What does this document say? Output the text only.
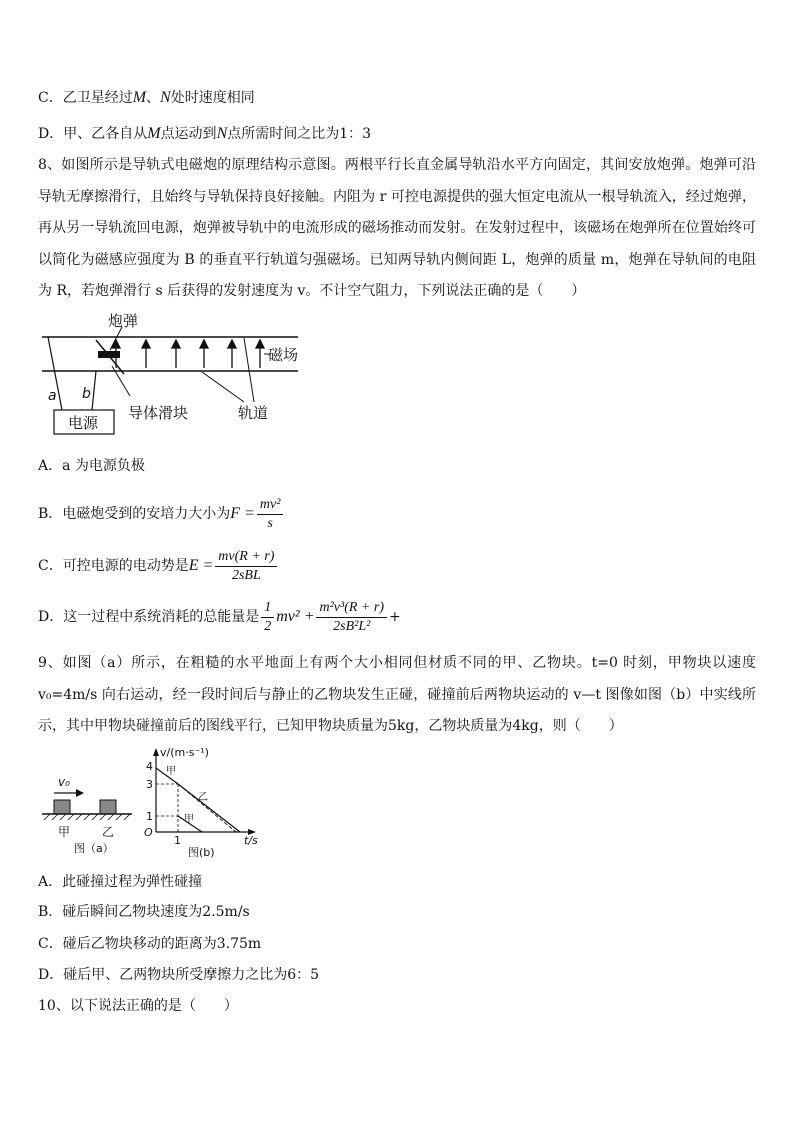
C．乙卫星经过M、N处时速度相同
D．甲、乙各自从M点运动到N点所需时间之比为1：3
8、如图所示是导轨式电磁炮的原理结构示意图。两根平行长直金属导轨沿水平方向固定，其间安放炮弹。炮弹可沿导轨无摩擦滑行，且始终与导轨保持良好接触。内阻为 r 可控电源提供的强大恒定电流从一根导轨流入，经过炮弹，再从另一导轨流回电源，炮弹被导轨中的电流形成的磁场推动而发射。在发射过程中，该磁场在炮弹所在位置始终可以简化为磁感应强度为 B 的垂直平行轨道匀强磁场。已知两导轨内侧间距 L，炮弹的质量 m，炮弹在导轨间的电阻为 R，若炮弹滑行 s 后获得的发射速度为 v。不计空气阻力，下列说法正确的是（　　）
炮弹
导体滑块
磁场
轨道
a b
电源
A．a 为电源负极
B．电磁炮受到的安培力大小为$F = \frac{\text{mv²}}{s}$
C．可控电源的电动势是$E = \frac{mv(R + r)}{\text{2sBL}}$
D．这一过程中系统消耗的总能量是 $\frac{1}{2} mv^2 + \frac{\text{m²v³(R + r)}}{\text{2sB²L²}}$ +
9、如图（a）所示，在粗糙的水平地面上有两个大小相同但材质不同的甲、乙物块。t=0 时刻，甲物块以速度 v₀=4m/s 向右运动，经一段时间后与静止的乙物块发生正碰，碰撞前后两物块运动的 v—t 图像如图（b）中实线所示，其中甲物块碰撞前后的图线平行，已知甲物块质量为5kg，乙物块质量为4kg，则（　　）
v₀
甲	乙
图（a）
v/(m·s⁻¹)
t/s
4
3
1
O
1
甲
乙
甲
图(b)
A．此碰撞过程为弹性碰撞
B．碰后瞬间乙物块速度为2.5m/s
C．碰后乙物块移动的距离为3.75m
D．碰后甲、乙两物块所受摩擦力之比为6：5
10、以下说法正确的是（　　）
